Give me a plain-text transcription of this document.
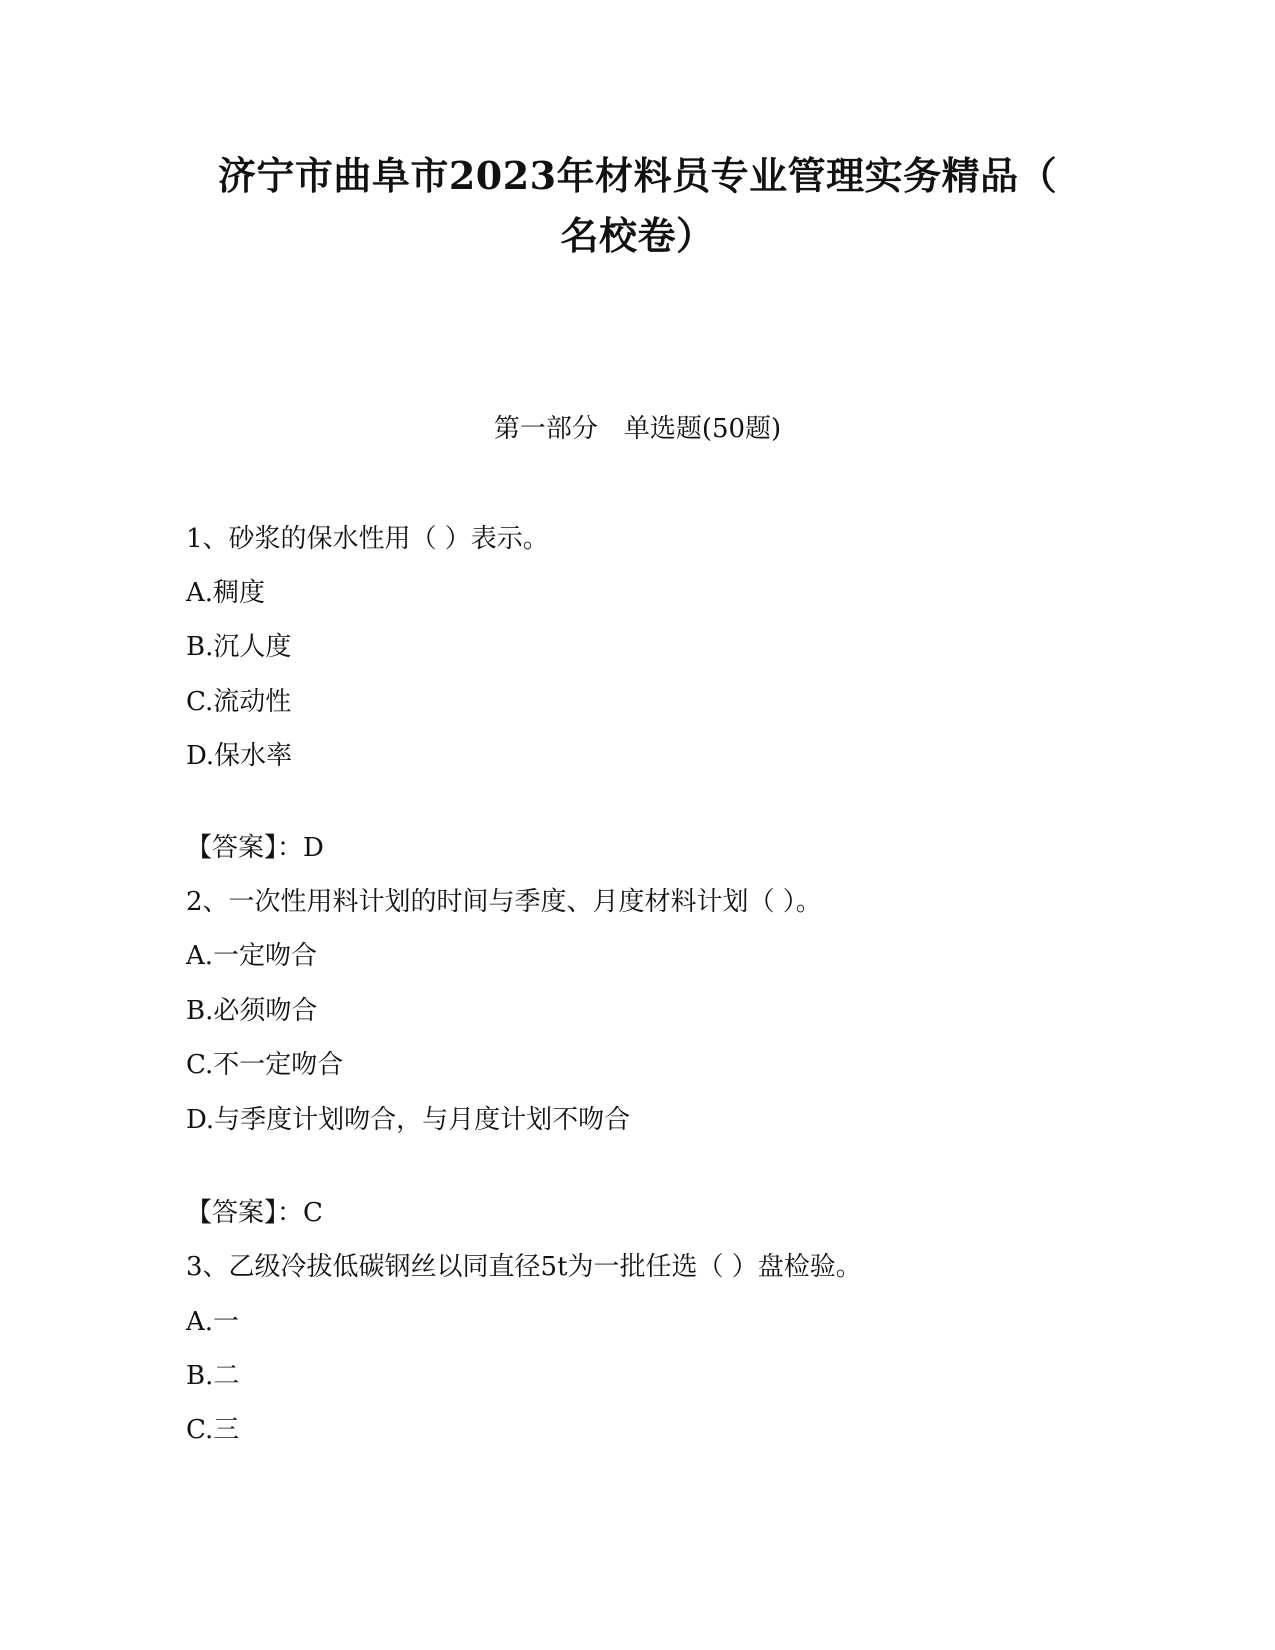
济宁市曲阜市2023年材料员专业管理实务精品（
名校卷）
第一部分　单选题(50题)
1、砂浆的保水性用（ ）表示。
A.稠度
B.沉人度
C.流动性
D.保水率
【答案】：D
2、一次性用料计划的时间与季度、月度材料计划（ ）。
A.一定吻合
B.必须吻合
C.不一定吻合
D.与季度计划吻合，与月度计划不吻合
【答案】：C
3、乙级冷拔低碳钢丝以同直径5t为一批任选（ ）盘检验。
A.一
B.二
C.三
